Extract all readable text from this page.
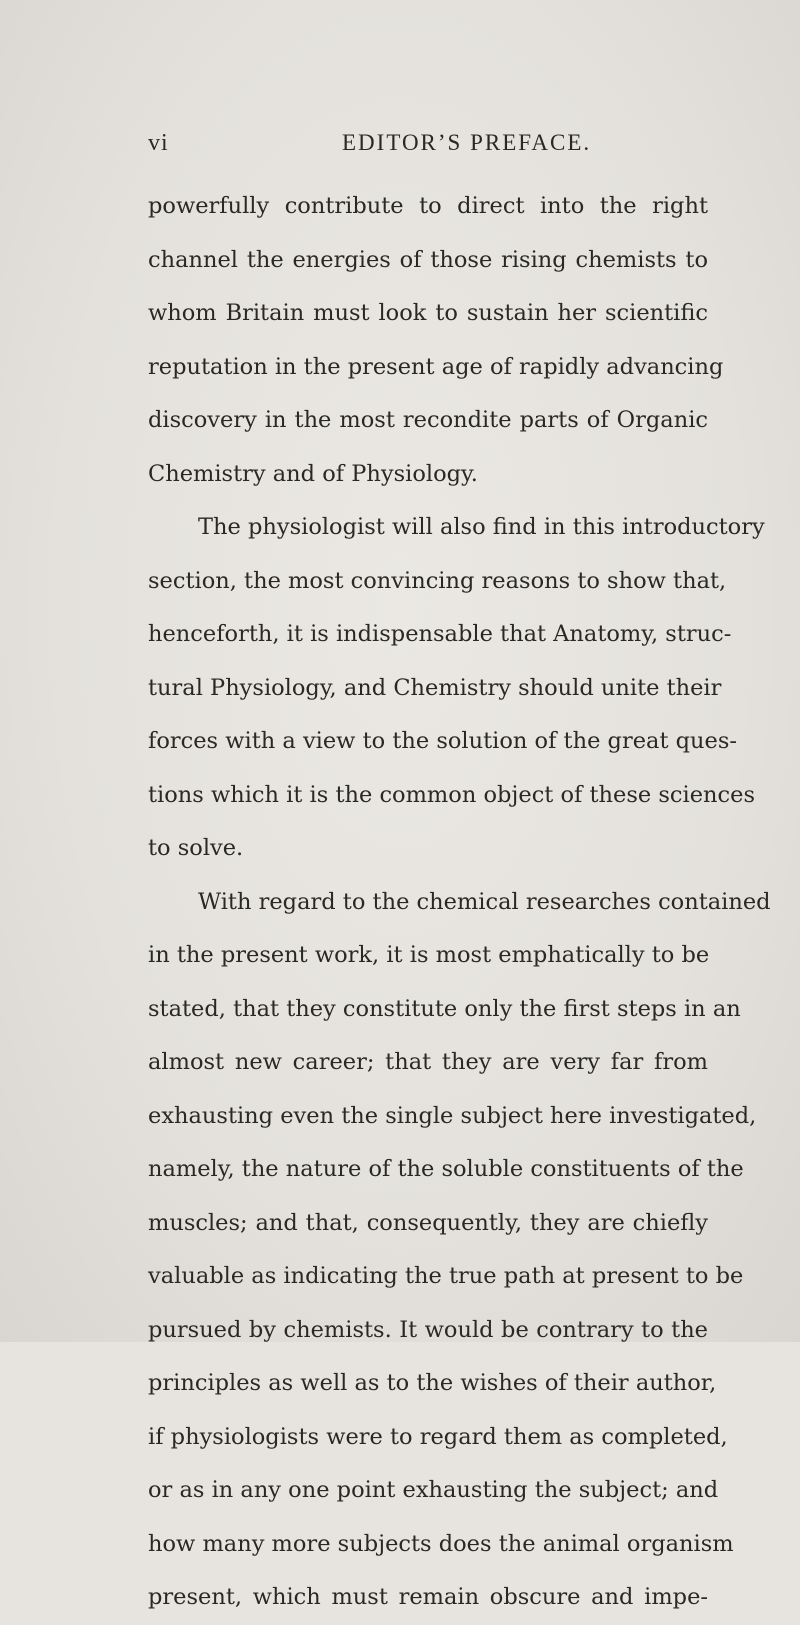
vi	EDITOR’S PREFACE.
powerfully contribute to direct into the right
channel the energies of those rising chemists to
whom Britain must look to sustain her scientific
reputation in the present age of rapidly advancing
discovery in the most recondite parts of Organic
Chemistry and of Physiology.
The physiologist will also find in this introductory
section, the most convincing reasons to show that,
henceforth, it is indispensable that Anatomy, struc-
tural Physiology, and Chemistry should unite their
forces with a view to the solution of the great ques-
tions which it is the common object of these sciences
to solve.
With regard to the chemical researches contained
in the present work, it is most emphatically to be
stated, that they constitute only the first steps in an
almost new career; that they are very far from
exhausting even the single subject here investigated,
namely, the nature of the soluble constituents of the
muscles; and that, consequently, they are chiefly
valuable as indicating the true path at present to be
pursued by chemists. It would be contrary to the
principles as well as to the wishes of their author,
if physiologists were to regard them as completed,
or as in any one point exhausting the subject; and
how many more subjects does the animal organism
present, which must remain obscure and impe-
